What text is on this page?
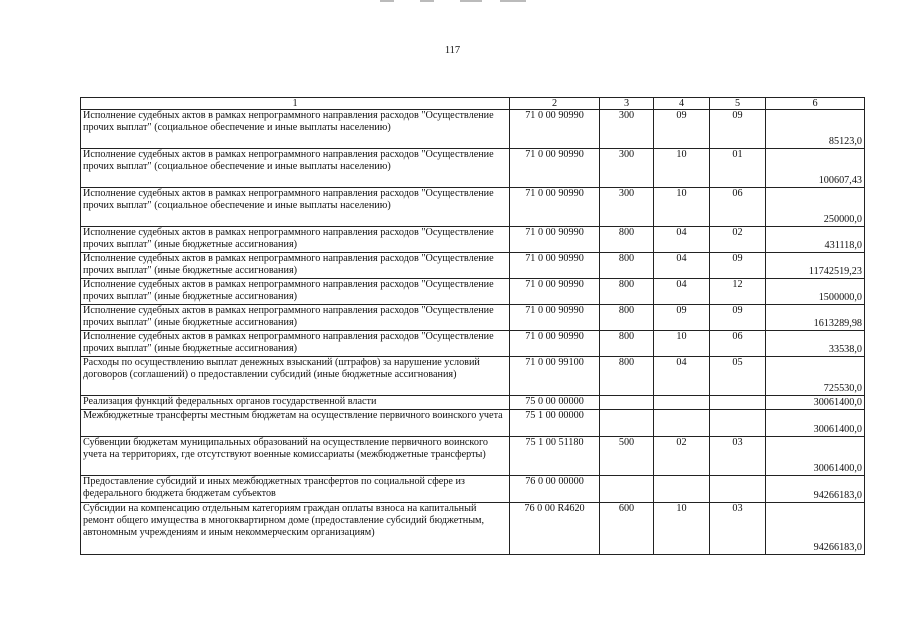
117
1	2	3	4	5	6
Исполнение судебных актов в рамках непрограммного направления расходов "Осуществление прочих выплат" (социальное обеспечение и иные выплаты населению)	71 0 00 90990	300	09	09	85123,0
Исполнение судебных актов в рамках непрограммного направления расходов "Осуществление прочих выплат" (социальное обеспечение и иные выплаты населению)	71 0 00 90990	300	10	01	100607,43
Исполнение судебных актов в рамках непрограммного направления расходов "Осуществление прочих выплат" (социальное обеспечение и иные выплаты населению)	71 0 00 90990	300	10	06	250000,0
Исполнение судебных актов в рамках непрограммного направления расходов "Осуществление прочих выплат" (иные бюджетные ассигнования)	71 0 00 90990	800	04	02	431118,0
Исполнение судебных актов в рамках непрограммного направления расходов "Осуществление прочих выплат" (иные бюджетные ассигнования)	71 0 00 90990	800	04	09	11742519,23
Исполнение судебных актов в рамках непрограммного направления расходов "Осуществление прочих выплат" (иные бюджетные ассигнования)	71 0 00 90990	800	04	12	1500000,0
Исполнение судебных актов в рамках непрограммного направления расходов "Осуществление прочих выплат" (иные бюджетные ассигнования)	71 0 00 90990	800	09	09	1613289,98
Исполнение судебных актов в рамках непрограммного направления расходов "Осуществление прочих выплат" (иные бюджетные ассигнования)	71 0 00 90990	800	10	06	33538,0
Расходы по осуществлению выплат денежных взысканий (штрафов) за нарушение условий договоров (соглашений) о предоставлении субсидий (иные бюджетные ассигнования)	71 0 00 99100	800	04	05	725530,0
Реализация функций федеральных органов государственной власти	75 0 00 00000				30061400,0
Межбюджетные трансферты местным бюджетам на осуществление первичного воинского учета	75 1 00 00000				30061400,0
Субвенции бюджетам муниципальных образований на осуществление первичного воинского учета на территориях, где отсутствуют военные комиссариаты (межбюджетные трансферты)	75 1 00 51180	500	02	03	30061400,0
Предоставление субсидий и иных межбюджетных трансфертов по социальной сфере из федерального бюджета бюджетам субъектов	76 0 00 00000				94266183,0
Субсидии на компенсацию отдельным категориям граждан оплаты взноса на капитальный ремонт общего имущества в многоквартирном доме (предоставление субсидий бюджетным, автономным учреждениям и иным некоммерческим организациям)	76 0 00 R4620	600	10	03	94266183,0
